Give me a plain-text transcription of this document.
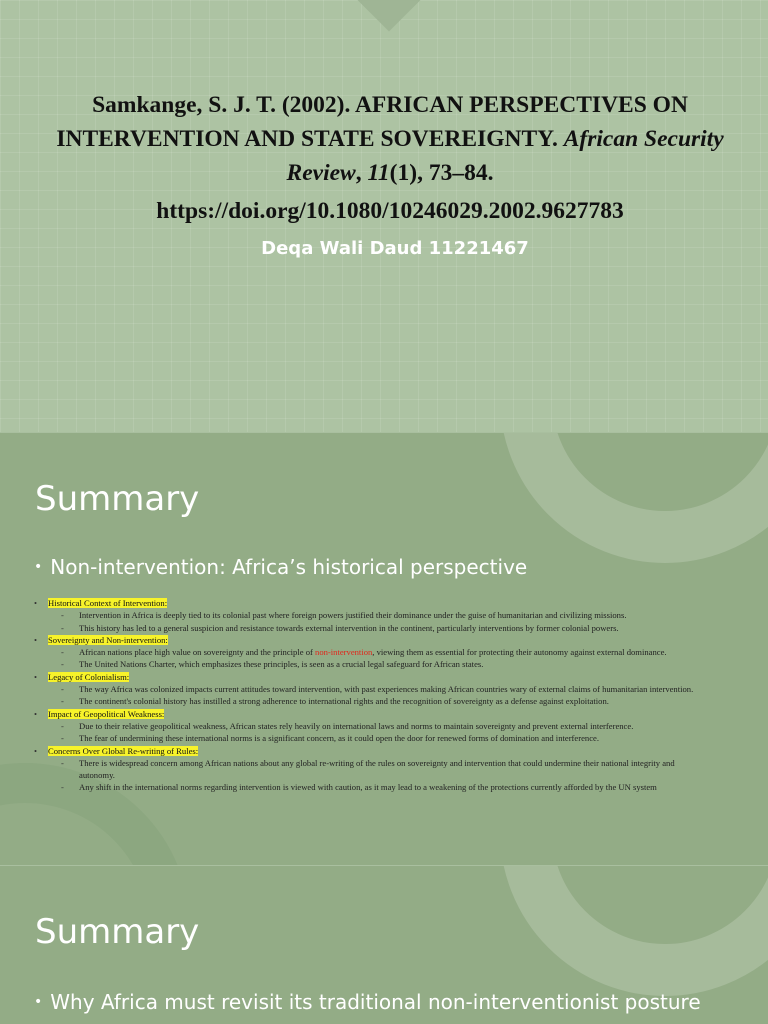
Samkange, S. J. T. (2002). AFRICAN PERSPECTIVES ON INTERVENTION AND STATE SOVEREIGNTY. African Security Review, 11(1), 73–84.
https://doi.org/10.1080/10246029.2002.9627783
Deqa Wali Daud 11221467
Summary
• Non-intervention: Africa’s historical perspective
• Historical Context of Intervention:
- Intervention in Africa is deeply tied to its colonial past where foreign powers justified their dominance under the guise of humanitarian and civilizing missions.
- This history has led to a general suspicion and resistance towards external intervention in the continent, particularly interventions by former colonial powers.
• Sovereignty and Non-intervention:
- African nations place high value on sovereignty and the principle of non-intervention, viewing them as essential for protecting their autonomy against external dominance.
- The United Nations Charter, which emphasizes these principles, is seen as a crucial legal safeguard for African states.
• Legacy of Colonialism:
- The way Africa was colonized impacts current attitudes toward intervention, with past experiences making African countries wary of external claims of humanitarian intervention.
- The continent's colonial history has instilled a strong adherence to international rights and the recognition of sovereignty as a defense against exploitation.
• Impact of Geopolitical Weakness:
- Due to their relative geopolitical weakness, African states rely heavily on international laws and norms to maintain sovereignty and prevent external interference.
- The fear of undermining these international norms is a significant concern, as it could open the door for renewed forms of domination and interference.
• Concerns Over Global Re-writing of Rules:
- There is widespread concern among African nations about any global re-writing of the rules on sovereignty and intervention that could undermine their national integrity and autonomy.
- Any shift in the international norms regarding intervention is viewed with caution, as it may lead to a weakening of the protections currently afforded by the UN system
Summary
• Why Africa must revisit its traditional non-interventionist posture
